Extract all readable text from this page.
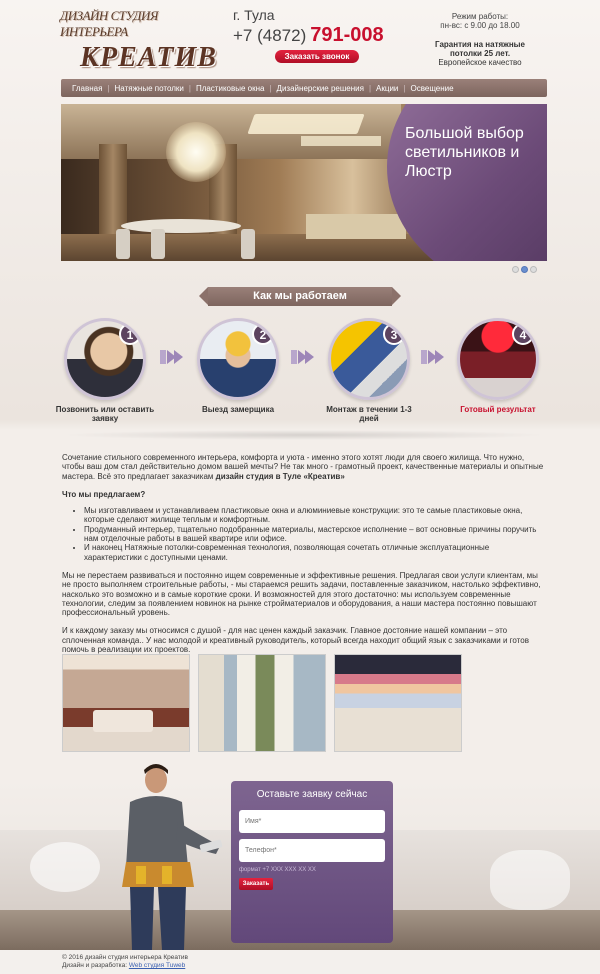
ДИЗАЙН СТУДИЯ ИНТЕРЬЕРА
КРЕАТИВ
г. Тула
+7 (4872) 791-008
Заказать звонок
Режим работы:
пн-вс: с 9.00 до 18.00
Гарантия на натяжные потолки 25 лет.
Европейское качество
Главная | Натяжные потолки | Пластиковые окна | Дизайнерские решения | Акции | Освещение
Большой выбор светильников и Люстр
Как мы работаем
1
Позвонить или оставить заявку
2
Выезд замерщика
3
Монтаж в течении 1-3 дней
4
Готовый результат

Сочетание стильного современного интерьера, комфорта и уюта - именно этого хотят люди для своего жилища. Что нужно, чтобы ваш дом стал действительно домом вашей мечты? Не так много - грамотный проект, качественные материалы и опытные мастера. Всё это предлагает заказчикам дизайн студия в Тулe «Креатив»

Что мы предлагаем?
• Мы изготавливаем и устанавливаем пластиковые окна и алюминиевые конструкции: это те самые пластиковые окна, которые сделают жилище теплым и комфортным.
• Продуманный интерьер, тщательно подобранные материалы, мастерское исполнение – вот основные причины поручить нам отделочные работы в вашей квартире или офисе.
• И наконец Натяжные потолки-современная технология, позволяющая сочетать отличные эксплуатационные характеристики с доступными ценами.

Мы не перестаем развиваться и постоянно ищем современные и эффективные решения. Предлагая свои услуги клиентам, мы не просто выполняем строительные работы, - мы стараемся решить задачи, поставленные заказчиком, настолько эффективно, насколько это возможно и в самые короткие сроки. И возможностей для этого достаточно: мы используем современные технологии, следим за появлением новинок на рынке стройматериалов и оборудования, а наши мастера постоянно повышают профессиональный уровень.

И к каждому заказу мы относимся с душой - для нас ценен каждый заказчик. Главное достояние нашей компании – это сплоченная команда.. У нас молодой и креативный руководитель, который всегда находит общий язык с заказчиками и готов помочь в реализации их проектов.

Оставьте заявку сейчас
Имя*
Телефон*
формат +7 XXX XXX XX XX
Заказать
© 2016 дизайн студия интерьера Креатив
Дизайн и разработка: Web студия Tuweb
